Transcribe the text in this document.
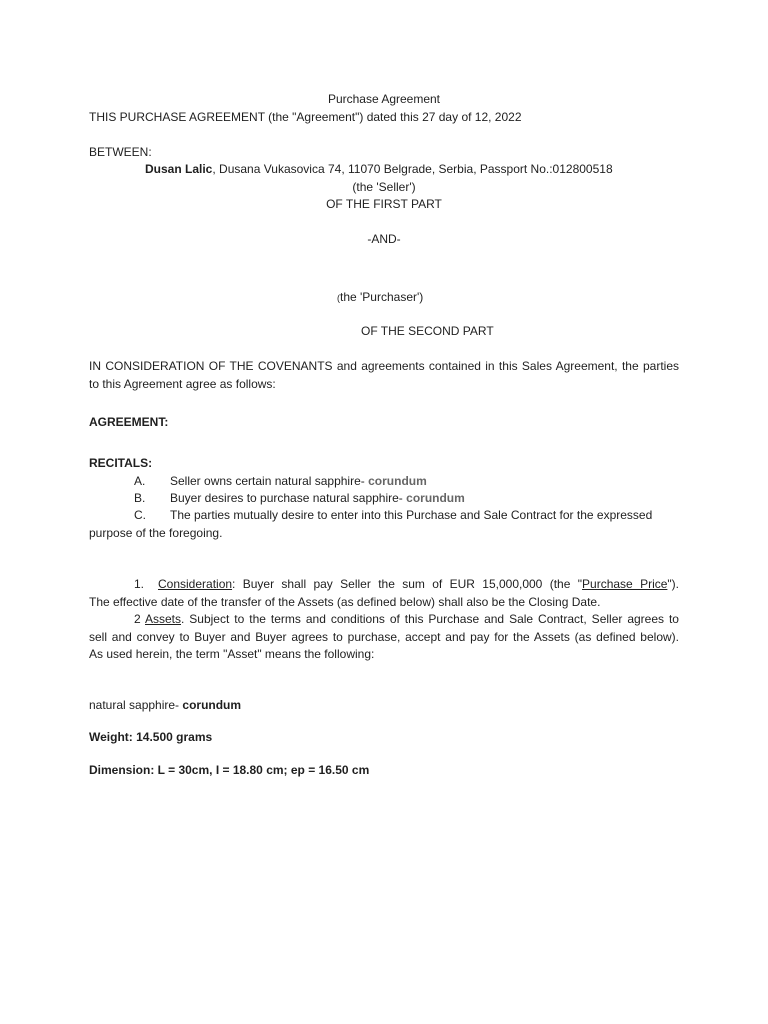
Purchase Agreement
THIS PURCHASE AGREEMENT (the "Agreement") dated this 27 day of 12, 2022
BETWEEN:
Dusan Lalic, Dusana Vukasovica 74, 11070 Belgrade, Serbia, Passport No.:012800518
(the 'Seller')
OF THE FIRST PART
-AND-
(the 'Purchaser')
OF THE SECOND PART
IN CONSIDERATION OF THE COVENANTS and agreements contained in this Sales Agreement, the parties
to this Agreement agree as follows:
AGREEMENT:
RECITALS:
A. Seller owns certain natural sapphire- corundum
B. Buyer desires to purchase natural sapphire- corundum
C. The parties mutually desire to enter into this Purchase and Sale Contract for the expressed
purpose of the foregoing.
1. Consideration: Buyer shall pay Seller the sum of EUR 15,000,000 (the "Purchase Price").
The effective date of the transfer of the Assets (as defined below) shall also be the Closing Date.
2 Assets. Subject to the terms and conditions of this Purchase and Sale Contract, Seller agrees to
sell and convey to Buyer and Buyer agrees to purchase, accept and pay for the Assets (as defined below).
As used herein, the term "Asset" means the following:
natural sapphire- corundum
Weight: 14.500 grams
Dimension: L = 30cm, I = 18.80 cm; ep = 16.50 cm
